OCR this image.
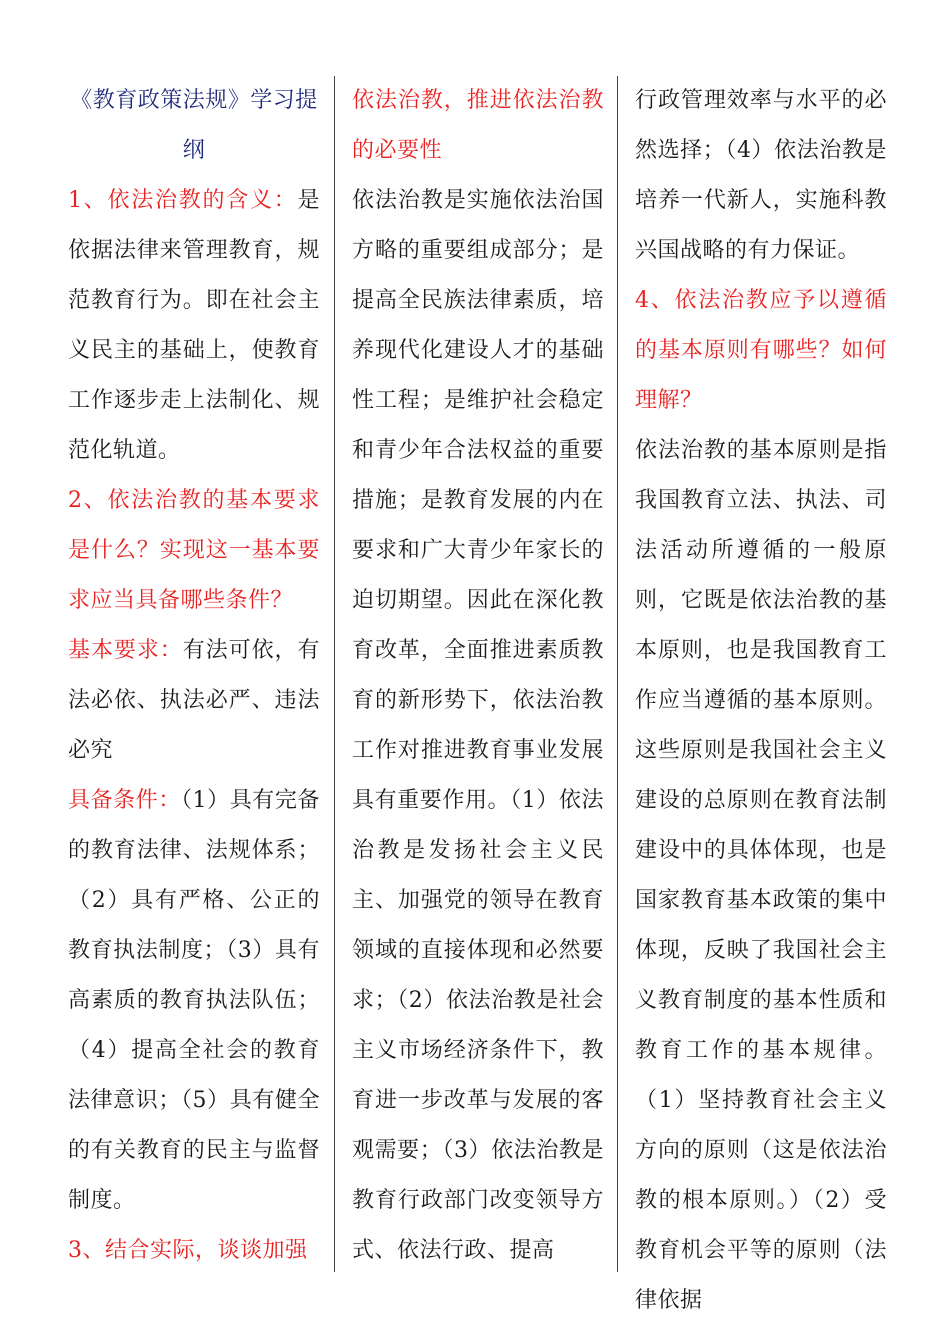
《教育政策法规》学习提纲

1、依法治教的含义：是依据法律来管理教育，规范教育行为。即在社会主义民主的基础上，使教育工作逐步走上法制化、规范化轨道。

2、依法治教的基本要求是什么？实现这一基本要求应当具备哪些条件？

基本要求：有法可依，有法必依、执法必严、违法必究

具备条件：（1）具有完备的教育法律、法规体系；（2）具有严格、公正的教育执法制度；（3）具有高素质的教育执法队伍；（4）提高全社会的教育法律意识；（5）具有健全的有关教育的民主与监督制度。

3、结合实际，谈谈加强

依法治教，推进依法治教的必要性

依法治教是实施依法治国方略的重要组成部分；是提高全民族法律素质，培养现代化建设人才的基础性工程；是维护社会稳定和青少年合法权益的重要措施；是教育发展的内在要求和广大青少年家长的迫切期望。因此在深化教育改革，全面推进素质教育的新形势下，依法治教工作对推进教育事业发展具有重要作用。（1）依法治教是发扬社会主义民主、加强党的领导在教育领域的直接体现和必然要求；（2）依法治教是社会主义市场经济条件下，教育进一步改革与发展的客观需要；（3）依法治教是教育行政部门改变领导方式、依法行政、提高

行政管理效率与水平的必然选择；（4）依法治教是培养一代新人，实施科教兴国战略的有力保证。

4、依法治教应予以遵循的基本原则有哪些？如何理解？

依法治教的基本原则是指我国教育立法、执法、司法活动所遵循的一般原则，它既是依法治教的基本原则，也是我国教育工作应当遵循的基本原则。这些原则是我国社会主义建设的总原则在教育法制建设中的具体体现，也是国家教育基本政策的集中体现，反映了我国社会主义教育制度的基本性质和教育工作的基本规律。（1）坚持教育社会主义方向的原则（这是依法治教的根本原则。）（2）受教育机会平等的原则（法律依据
